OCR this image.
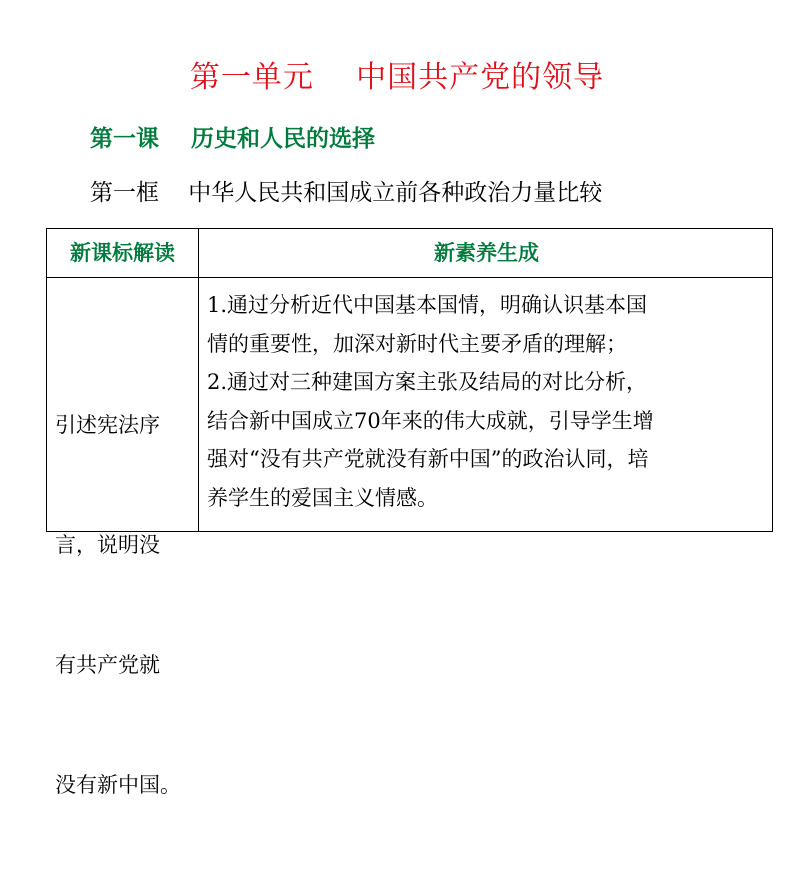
第一单元    中国共产党的领导
第一课    历史和人民的选择
第一框    中华人民共和国成立前各种政治力量比较
新课标解读	新素养生成

引述宪法序

言，说明没

有共产党就

没有新中国。

1.通过分析近代中国基本国情，明确认识基本国
情的重要性，加深对新时代主要矛盾的理解；
2.通过对三种建国方案主张及结局的对比分析，
结合新中国成立70年来的伟大成就，引导学生增
强对“没有共产党就没有新中国”的政治认同，培
养学生的爱国主义情感。
